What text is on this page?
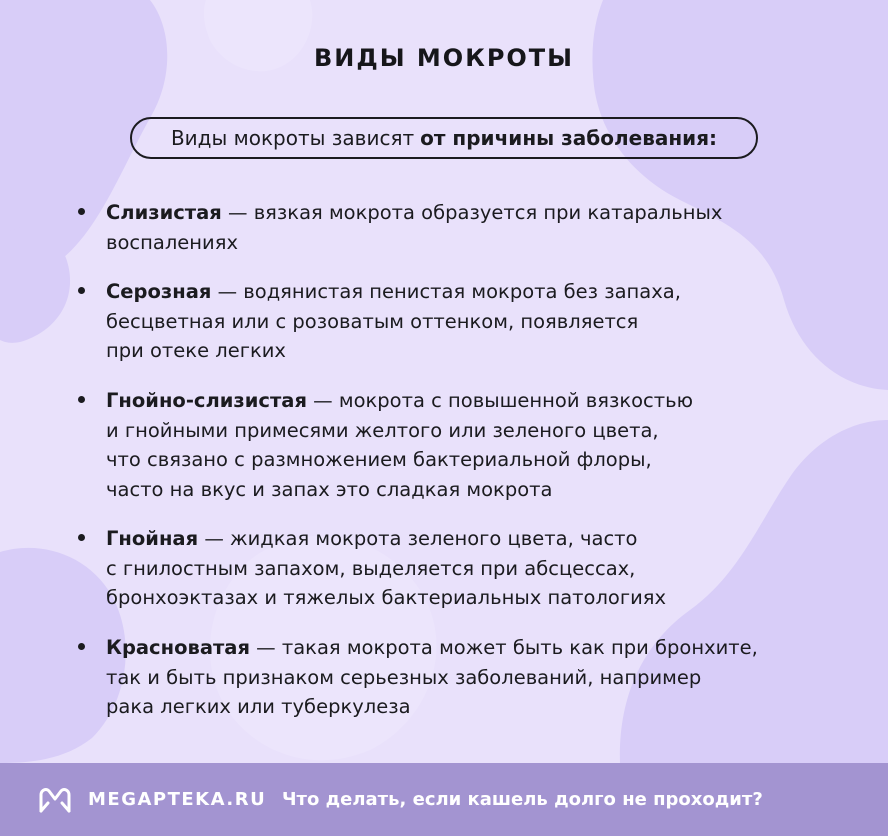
ВИДЫ МОКРОТЫ
Виды мокроты зависят от причины заболевания:
Слизистая — вязкая мокрота образуется при катаральных
воспалениях
Серозная — водянистая пенистая мокрота без запаха,
бесцветная или с розоватым оттенком, появляется
при отеке легких
Гнойно-слизистая — мокрота с повышенной вязкостью
и гнойными примесями желтого или зеленого цвета,
что связано с размножением бактериальной флоры,
часто на вкус и запах это сладкая мокрота
Гнойная — жидкая мокрота зеленого цвета, часто
с гнилостным запахом, выделяется при абсцессах,
бронхоэктазах и тяжелых бактериальных патологиях
Красноватая — такая мокрота может быть как при бронхите,
так и быть признаком серьезных заболеваний, например
рака легких или туберкулеза
MEGAPTEKA.RU Что делать, если кашель долго не проходит?
